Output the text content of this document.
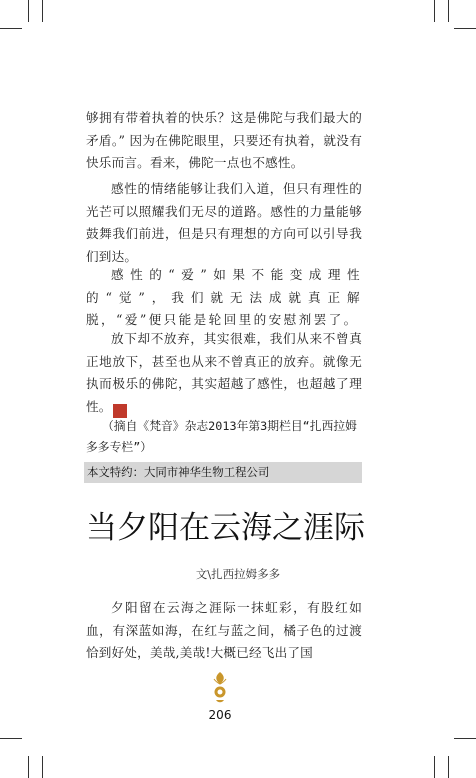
够拥有带着执着的快乐？这是佛陀与我们最大的矛盾。” 因为在佛陀眼里，只要还有执着，就没有快乐而言。看来，佛陀一点也不感性。
感性的情绪能够让我们入道，但只有理性的光芒可以照耀我们无尽的道路。感性的力量能够鼓舞我们前进，但是只有理想的方向可以引导我们到达。
感性的“爱”如果不能变成理性的“觉”，我们就无法成就真正解脱，“爱”便只能是轮回里的安慰剂罢了。
放下却不放弃，其实很难，我们从来不曾真正地放下，甚至也从来不曾真正的放弃。就像无执而极乐的佛陀，其实超越了感性，也超越了理性。	藏
（摘自《梵音》杂志2013年第3期栏目“扎西拉姆多多专栏”）
本文特约：大同市神华生物工程公司
当夕阳在云海之涯际
文\扎西拉姆多多
夕阳留在云海之涯际一抹虹彩，有股红如血，有深蓝如海，在红与蓝之间，橘子色的过渡恰到好处，美哉,美哉!大概已经飞出了国
206
